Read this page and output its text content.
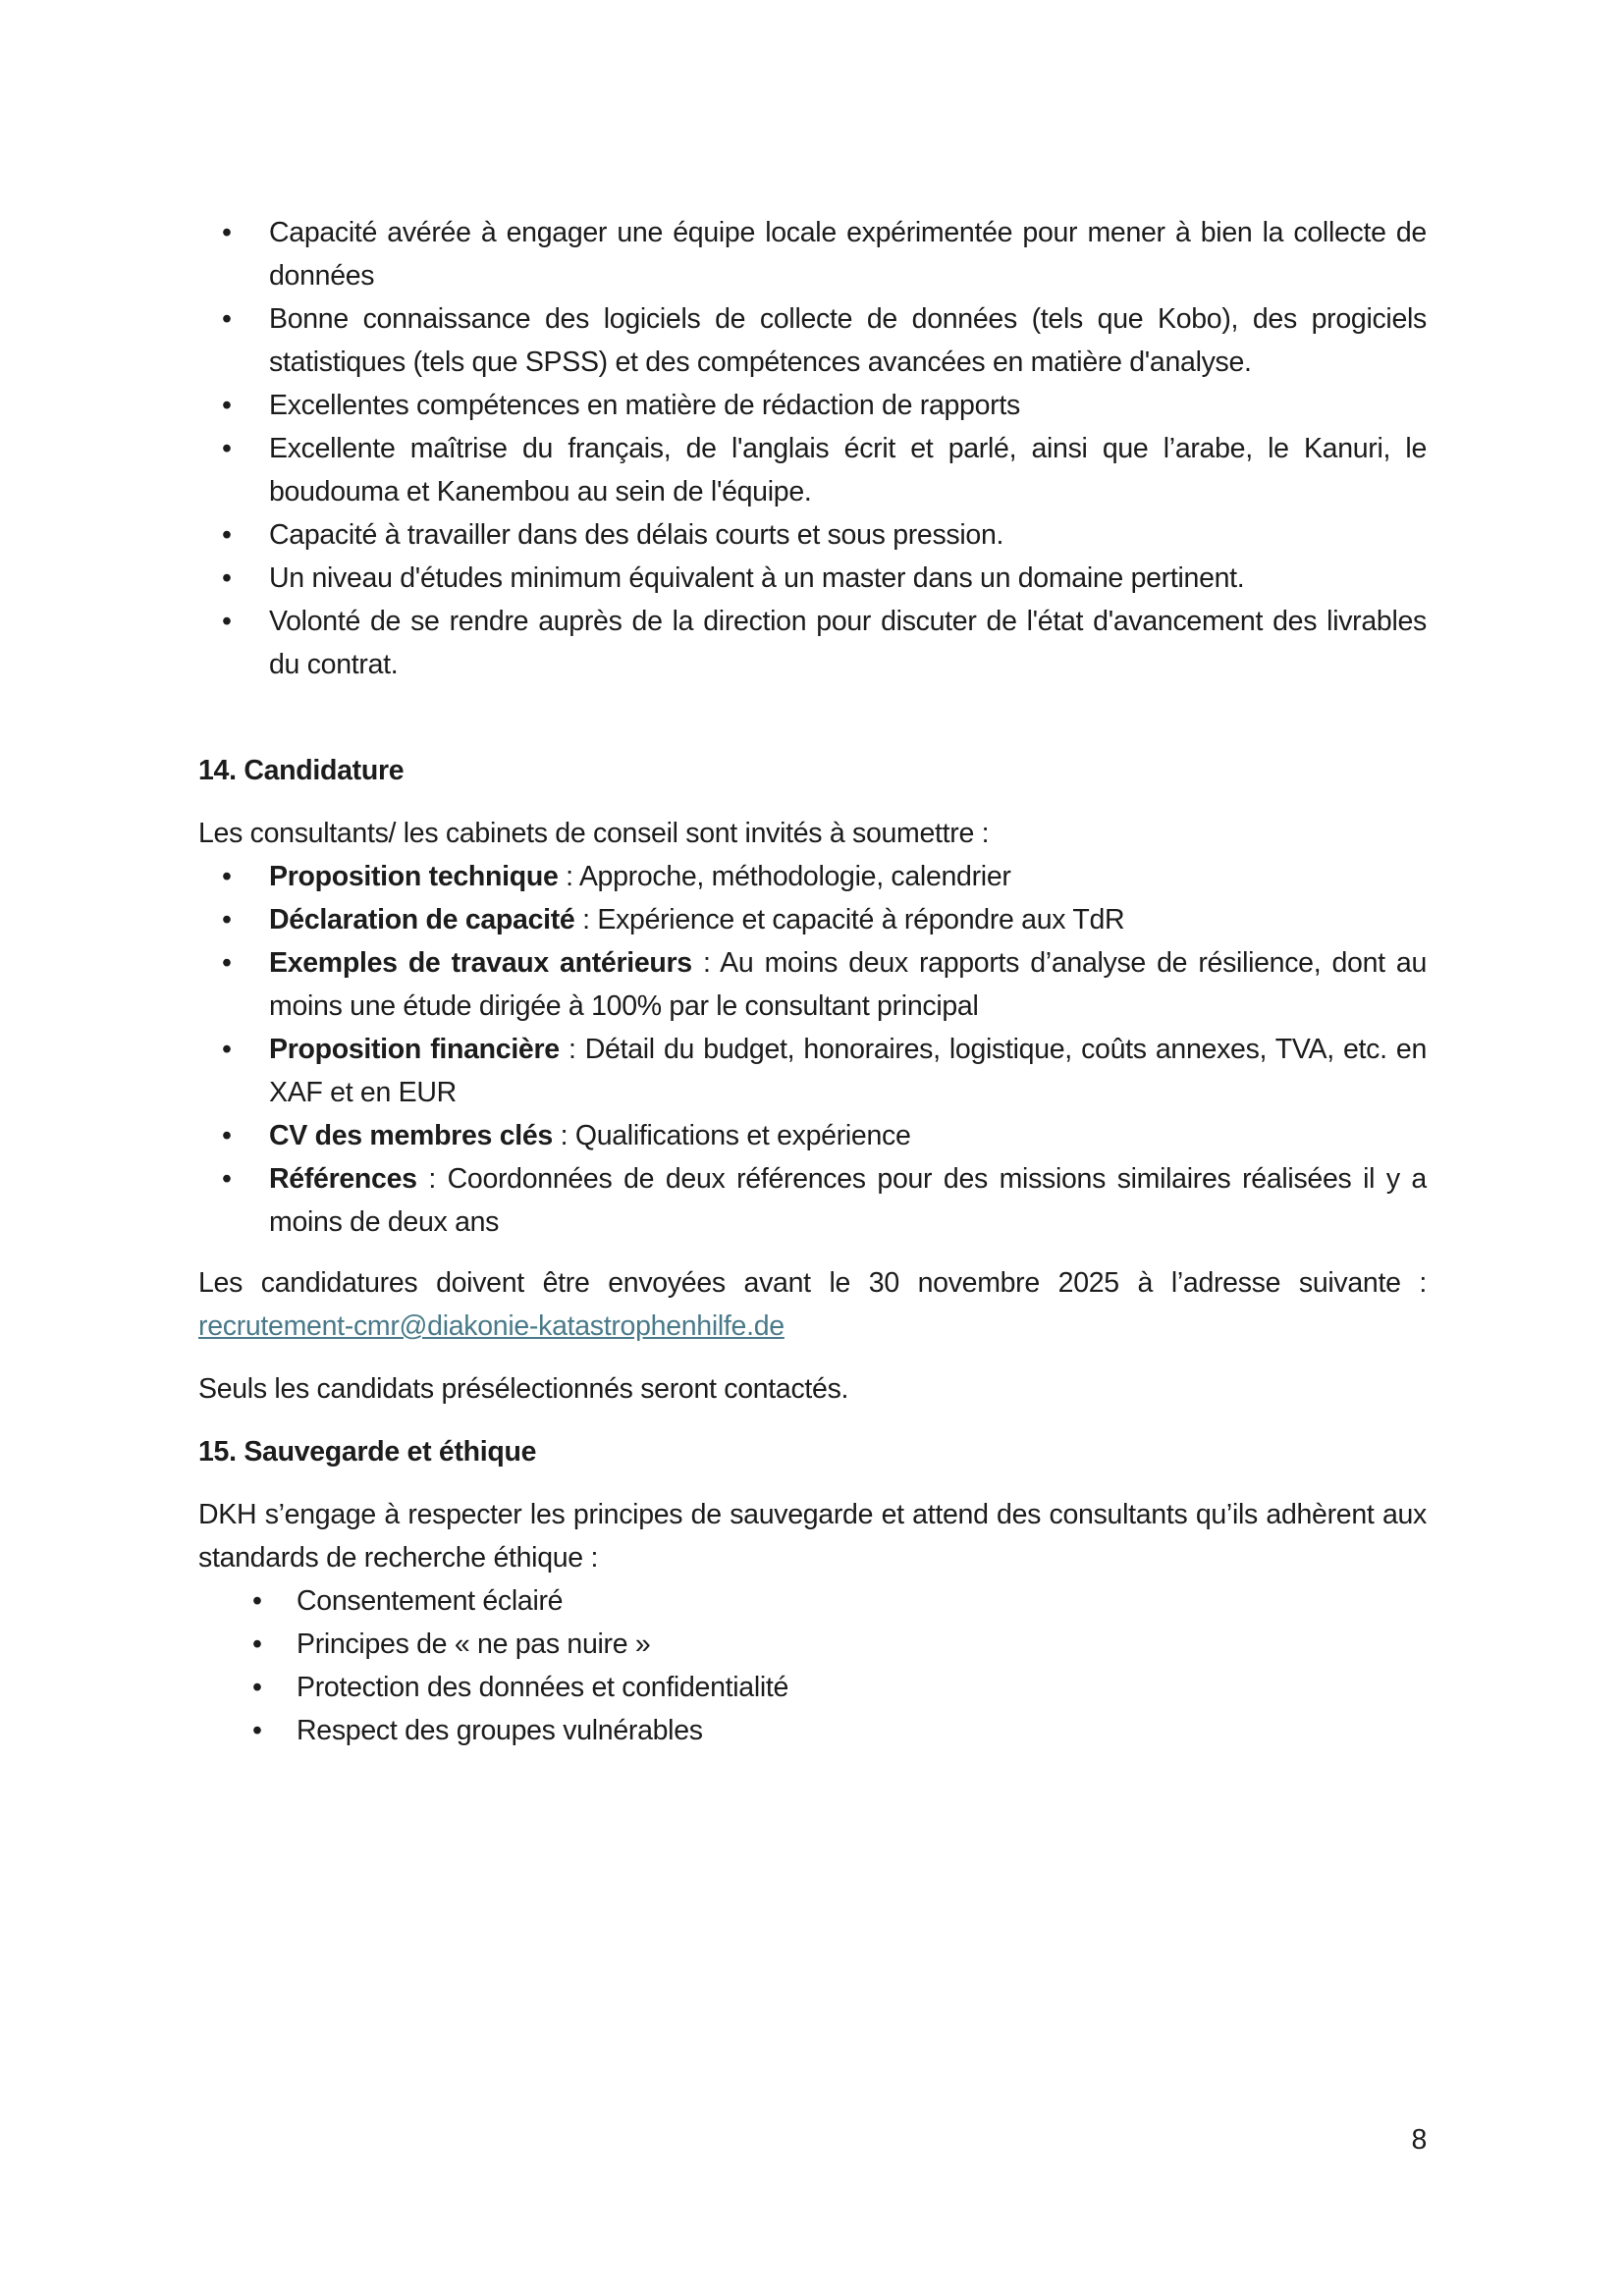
•	Capacité avérée à engager une équipe locale expérimentée pour mener à bien la collecte de données
•	Bonne connaissance des logiciels de collecte de données (tels que Kobo), des progiciels statistiques (tels que SPSS) et des compétences avancées en matière d'analyse.
•	Excellentes compétences en matière de rédaction de rapports
•	Excellente maîtrise du français, de l'anglais écrit et parlé, ainsi que l’arabe, le Kanuri, le boudouma et Kanembou au sein de l'équipe.
•	Capacité à travailler dans des délais courts et sous pression.
•	Un niveau d'études minimum équivalent à un master dans un domaine pertinent.
•	Volonté de se rendre auprès de la direction pour discuter de l'état d'avancement des livrables du contrat.
14. Candidature

Les consultants/ les cabinets de conseil sont invités à soumettre :

•	Proposition technique : Approche, méthodologie, calendrier
•	Déclaration de capacité : Expérience et capacité à répondre aux TdR
•	Exemples de travaux antérieurs : Au moins deux rapports d’analyse de résilience, dont au moins une étude dirigée à 100% par le consultant principal
•	Proposition financière : Détail du budget, honoraires, logistique, coûts annexes, TVA, etc. en XAF et en EUR
•	CV des membres clés : Qualifications et expérience
•	Références : Coordonnées de deux références pour des missions similaires réalisées il y a moins de deux ans

Les candidatures doivent être envoyées avant le 30 novembre 2025 à l’adresse suivante :

recrutement-cmr@diakonie-katastrophenhilfe.de

Seuls les candidats présélectionnés seront contactés.

15. Sauvegarde et éthique

DKH s’engage à respecter les principes de sauvegarde et attend des consultants qu’ils adhèrent aux standards de recherche éthique :

•	Consentement éclairé
•	Principes de « ne pas nuire »
•	Protection des données et confidentialité
•	Respect des groupes vulnérables
8
